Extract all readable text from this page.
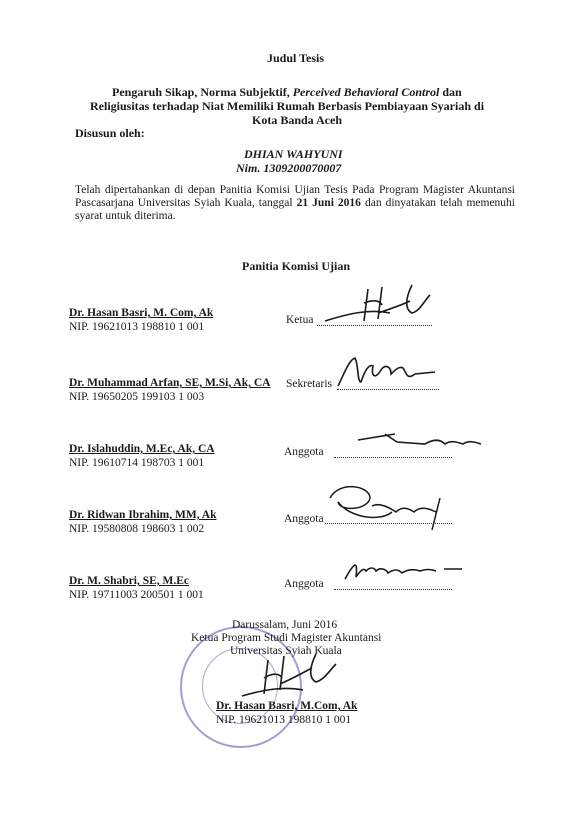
Judul Tesis
Pengaruh Sikap, Norma Subjektif, Perceived Behavioral Control dan
Religiusitas terhadap Niat Memiliki Rumah Berbasis Pembiayaan Syariah di
Kota Banda Aceh
Disusun oleh:
DHIAN WAHYUNI
Nim. 1309200070007
Telah dipertahankan di depan Panitia Komisi Ujian Tesis Pada Program Magister Akuntansi Pascasarjana Universitas Syiah Kuala, tanggal 21 Juni 2016 dan dinyatakan telah memenuhi syarat untuk diterima.
Panitia Komisi Ujian
Dr. Hasan Basri, M. Com, Ak
NIP. 19621013 198810 1 001
Ketua
Dr. Muhammad Arfan, SE, M.Si, Ak, CA
NIP. 19650205 199103 1 003
Sekretaris
Dr. Islahuddin, M.Ec, Ak, CA
NIP. 19610714 198703 1 001
Anggota
Dr. Ridwan Ibrahim, MM, Ak
NIP. 19580808 198603 1 002
Anggota
Dr. M. Shabri, SE, M.Ec
NIP. 19711003 200501 1 001
Anggota
Darussalam, Juni 2016
Ketua Program Studi Magister Akuntansi
Universitas Syiah Kuala
Dr. Hasan Basri, M.Com, Ak
NIP. 19621013 198810 1 001
